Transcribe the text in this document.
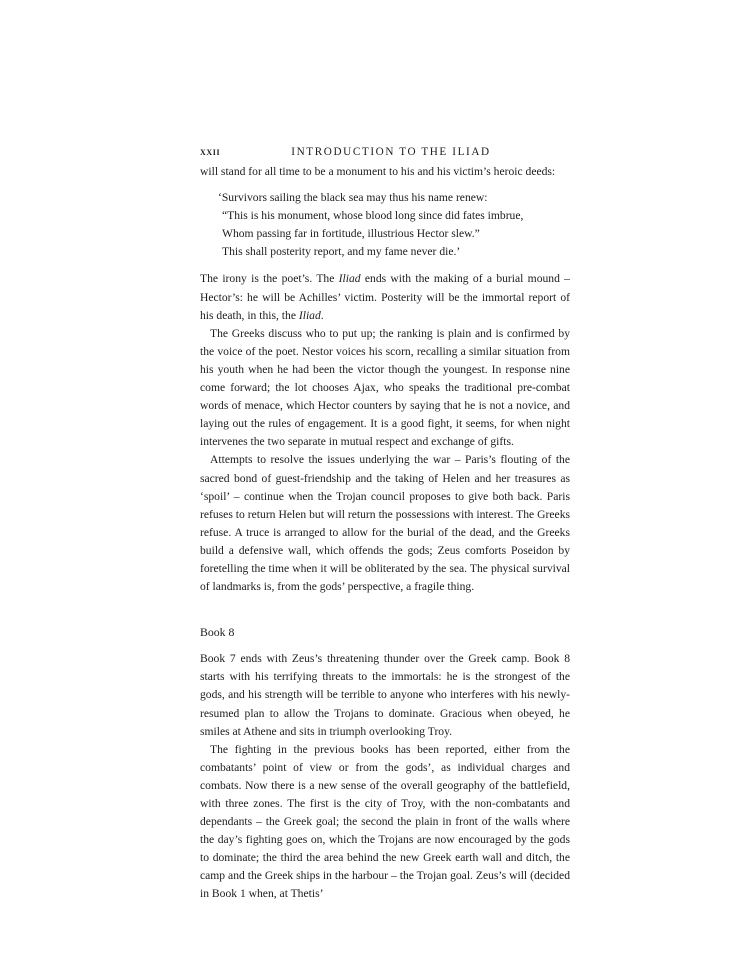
xxii	INTRODUCTION TO THE ILIAD

will stand for all time to be a monument to his and his victim’s heroic deeds:

‘Survivors sailing the black sea may thus his name renew:
“This is his monument, whose blood long since did fates imbrue,
Whom passing far in fortitude, illustrious Hector slew.”
This shall posterity report, and my fame never die.’

The irony is the poet’s. The Iliad ends with the making of a burial mound – Hector’s: he will be Achilles’ victim. Posterity will be the immortal report of his death, in this, the Iliad.

The Greeks discuss who to put up; the ranking is plain and is confirmed by the voice of the poet. Nestor voices his scorn, recalling a similar situation from his youth when he had been the victor though the youngest. In response nine come forward; the lot chooses Ajax, who speaks the traditional pre-combat words of menace, which Hector counters by saying that he is not a novice, and laying out the rules of engagement. It is a good fight, it seems, for when night intervenes the two separate in mutual respect and exchange of gifts.

Attempts to resolve the issues underlying the war – Paris’s flouting of the sacred bond of guest-friendship and the taking of Helen and her treasures as ‘spoil’ – continue when the Trojan council proposes to give both back. Paris refuses to return Helen but will return the possessions with interest. The Greeks refuse. A truce is arranged to allow for the burial of the dead, and the Greeks build a defensive wall, which offends the gods; Zeus comforts Poseidon by foretelling the time when it will be obliterated by the sea. The physical survival of landmarks is, from the gods’ perspective, a fragile thing.

Book 8

Book 7 ends with Zeus’s threatening thunder over the Greek camp. Book 8 starts with his terrifying threats to the immortals: he is the strongest of the gods, and his strength will be terrible to anyone who interferes with his newly-resumed plan to allow the Trojans to dominate. Gracious when obeyed, he smiles at Athene and sits in triumph overlooking Troy.

The fighting in the previous books has been reported, either from the combatants’ point of view or from the gods’, as individual charges and combats. Now there is a new sense of the overall geography of the battlefield, with three zones. The first is the city of Troy, with the non-combatants and dependants – the Greek goal; the second the plain in front of the walls where the day’s fighting goes on, which the Trojans are now encouraged by the gods to dominate; the third the area behind the new Greek earth wall and ditch, the camp and the Greek ships in the harbour – the Trojan goal. Zeus’s will (decided in Book 1 when, at Thetis’
